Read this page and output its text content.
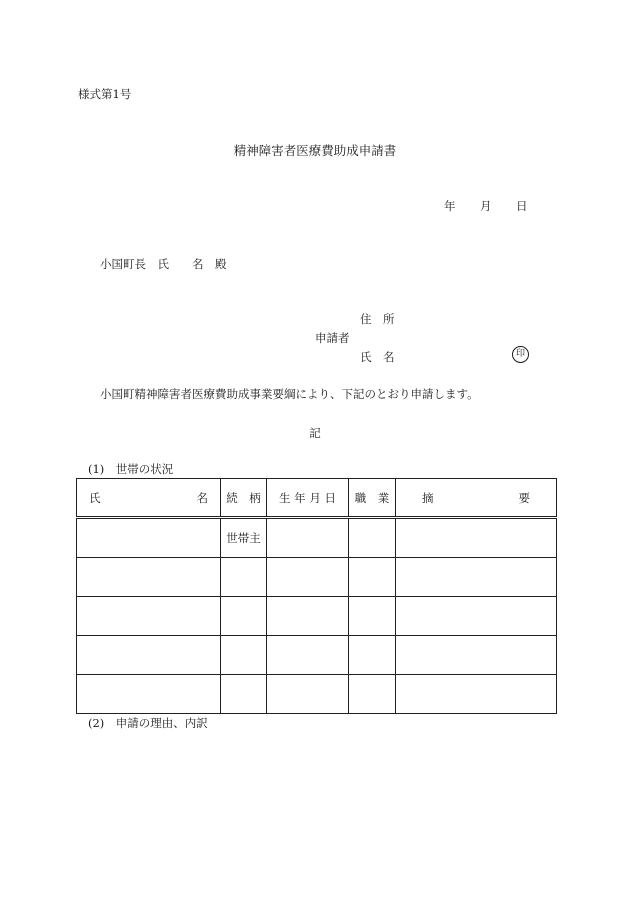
様式第1号
精神障害者医療費助成申請書
年 月 日
小国町長　氏　　名　殿
住　所
申請者
氏　名	印
小国町精神障害者医療費助成事業要綱により、下記のとおり申請します。
記
(1)　世帯の状況
氏 名	続　柄	生 年 月 日	職　業	摘 要

	世帯主			

(2)　申請の理由、内訳
